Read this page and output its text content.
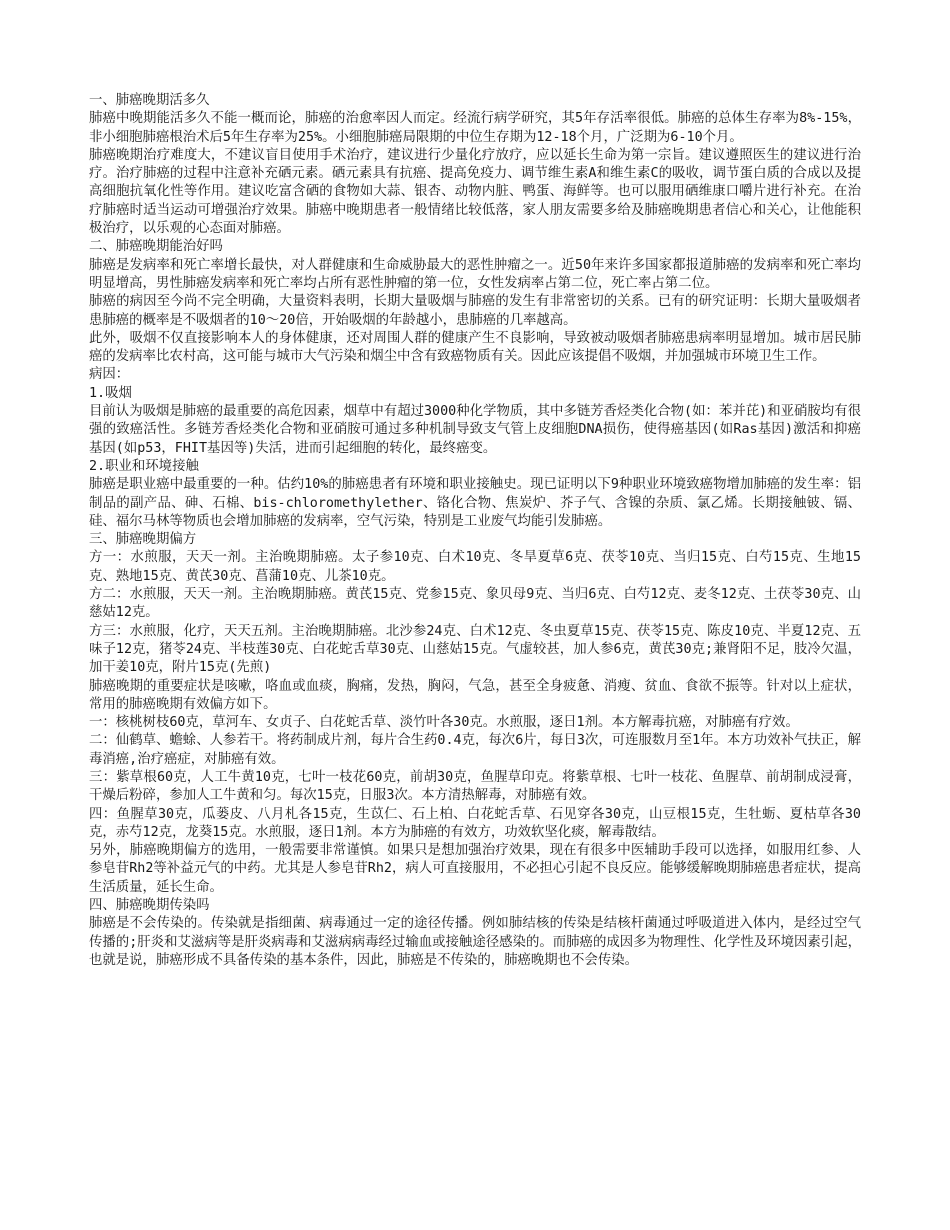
一、肺癌晚期活多久

肺癌中晚期能活多久不能一概而论，肺癌的治愈率因人而定。经流行病学研究，其5年存活率很低。肺癌的总体生存率为8%-15%，非小细胞肺癌根治术后5年生存率为25%。小细胞肺癌局限期的中位生存期为12-18个月，广泛期为6-10个月。

肺癌晚期治疗难度大，不建议盲目使用手术治疗，建议进行少量化疗放疗，应以延长生命为第一宗旨。建议遵照医生的建议进行治疗。治疗肺癌的过程中注意补充硒元素。硒元素具有抗癌、提高免疫力、调节维生素A和维生素C的吸收，调节蛋白质的合成以及提高细胞抗氧化性等作用。建议吃富含硒的食物如大蒜、银杏、动物内脏、鸭蛋、海鲜等。也可以服用硒维康口嚼片进行补充。在治疗肺癌时适当运动可增强治疗效果。肺癌中晚期患者一般情绪比较低落，家人朋友需要多给及肺癌晚期患者信心和关心，让他能积极治疗，以乐观的心态面对肺癌。

二、肺癌晚期能治好吗

肺癌是发病率和死亡率增长最快，对人群健康和生命威胁最大的恶性肿瘤之一。近50年来许多国家都报道肺癌的发病率和死亡率均明显增高，男性肺癌发病率和死亡率均占所有恶性肿瘤的第一位，女性发病率占第二位，死亡率占第二位。

肺癌的病因至今尚不完全明确，大量资料表明，长期大量吸烟与肺癌的发生有非常密切的关系。已有的研究证明：长期大量吸烟者患肺癌的概率是不吸烟者的10～20倍，开始吸烟的年龄越小，患肺癌的几率越高。

此外，吸烟不仅直接影响本人的身体健康，还对周围人群的健康产生不良影响，导致被动吸烟者肺癌患病率明显增加。城市居民肺癌的发病率比农村高，这可能与城市大气污染和烟尘中含有致癌物质有关。因此应该提倡不吸烟，并加强城市环境卫生工作。

病因：

1.吸烟

目前认为吸烟是肺癌的最重要的高危因素，烟草中有超过3000种化学物质，其中多链芳香烃类化合物(如：苯并芘)和亚硝胺均有很强的致癌活性。多链芳香烃类化合物和亚硝胺可通过多种机制导致支气管上皮细胞DNA损伤，使得癌基因(如Ras基因)激活和抑癌基因(如p53，FHIT基因等)失活，进而引起细胞的转化，最终癌变。

2.职业和环境接触

肺癌是职业癌中最重要的一种。估约10%的肺癌患者有环境和职业接触史。现已证明以下9种职业环境致癌物增加肺癌的发生率：铝制品的副产品、砷、石棉、bis-chloromethylether、铬化合物、焦炭炉、芥子气、含镍的杂质、氯乙烯。长期接触铍、镉、硅、福尔马林等物质也会增加肺癌的发病率，空气污染，特别是工业废气均能引发肺癌。

三、肺癌晚期偏方

方一：水煎服，天天一剂。主治晚期肺癌。太子参10克、白术10克、冬旱夏草6克、茯苓10克、当归15克、白芍15克、生地15克、熟地15克、黄芪30克、菖蒲10克、儿茶10克。

方二：水煎服，天天一剂。主治晚期肺癌。黄芪15克、党参15克、象贝母9克、当归6克、白芍12克、麦冬12克、土茯苓30克、山慈姑12克。

方三：水煎服，化疗，天天五剂。主治晚期肺癌。北沙参24克、白术12克、冬虫夏草15克、茯苓15克、陈皮10克、半夏12克、五味子12克，猪苓24克、半枝莲30克、白花蛇舌草30克、山慈姑15克。气虚较甚，加人参6克，黄芪30克;兼肾阳不足，肢冷欠温，加干姜10克，附片15克(先煎)

肺癌晚期的重要症状是咳嗽，咯血或血痰，胸痛，发热，胸闷，气急，甚至全身疲惫、消瘦、贫血、食欲不振等。针对以上症状，常用的肺癌晚期有效偏方如下。

一：核桃树枝60克，草河车、女贞子、白花蛇舌草、淡竹叶各30克。水煎服，逐日1剂。本方解毒抗癌，对肺癌有疗效。

二：仙鹤草、蟾蜍、人参若干。将药制成片剂，每片合生药0.4克，每次6片，每日3次，可连服数月至1年。本方功效补气扶正，解毒消癌,治疗癌症，对肺癌有效。

三：紫草根60克，人工牛黄10克，七叶一枝花60克，前胡30克，鱼腥草印克。将紫草根、七叶一枝花、鱼腥草、前胡制成浸膏，干燥后粉碎，参加人工牛黄和匀。每次15克，日服3次。本方清热解毒，对肺癌有效。

四：鱼腥草30克，瓜蒌皮、八月札各15克，生苡仁、石上柏、白花蛇舌草、石见穿各30克，山豆根15克，生牡蛎、夏枯草各30克，赤芍12克，龙葵15克。水煎服，逐日1剂。本方为肺癌的有效方，功效软坚化痰，解毒散结。

另外，肺癌晚期偏方的选用，一般需要非常谨慎。如果只是想加强治疗效果，现在有很多中医辅助手段可以选择，如服用红参、人参皂苷Rh2等补益元气的中药。尤其是人参皂苷Rh2，病人可直接服用，不必担心引起不良反应。能够缓解晚期肺癌患者症状，提高生活质量，延长生命。

四、肺癌晚期传染吗

肺癌是不会传染的。传染就是指细菌、病毒通过一定的途径传播。例如肺结核的传染是结核杆菌通过呼吸道进入体内，是经过空气传播的;肝炎和艾滋病等是肝炎病毒和艾滋病病毒经过输血或接触途径感染的。而肺癌的成因多为物理性、化学性及环境因素引起，也就是说，肺癌形成不具备传染的基本条件，因此，肺癌是不传染的，肺癌晚期也不会传染。
